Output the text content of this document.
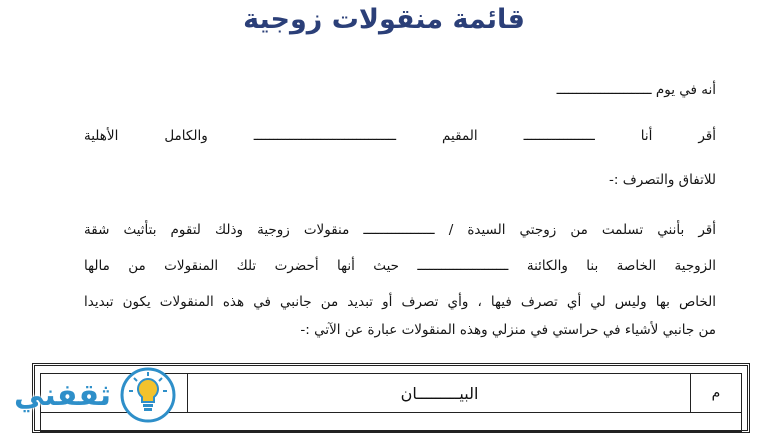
قائمة منقولات زوجية
أنه في يوم ــــــــــــــــــــــــ
أقر أنا ــــــــــــــــــ المقيم ــــــــــــــــــــــــــــــــــــ والكامل الأهلية
للاتفاق والتصرف :-
أقر بأنني تسلمت من زوجتي السيدة / ــــــــــــــــــ منقولات زوجية وذلك لتقوم بتأثيث شقة
الزوجية الخاصة بنا والكائنة ـــــــــــــــــــــــ حيث أنها أحضرت تلك المنقولات من مالها
الخاص بها وليس لي أي تصرف فيها ، وأي تصرف أو تبديد من جانبي في هذه المنقولات يكون تبديدا
من جانبي لأشياء في حراستي في منزلي وهذه المنقولات عبارة عن الآتي :-
م
البيـــــــــان
ثقفني
